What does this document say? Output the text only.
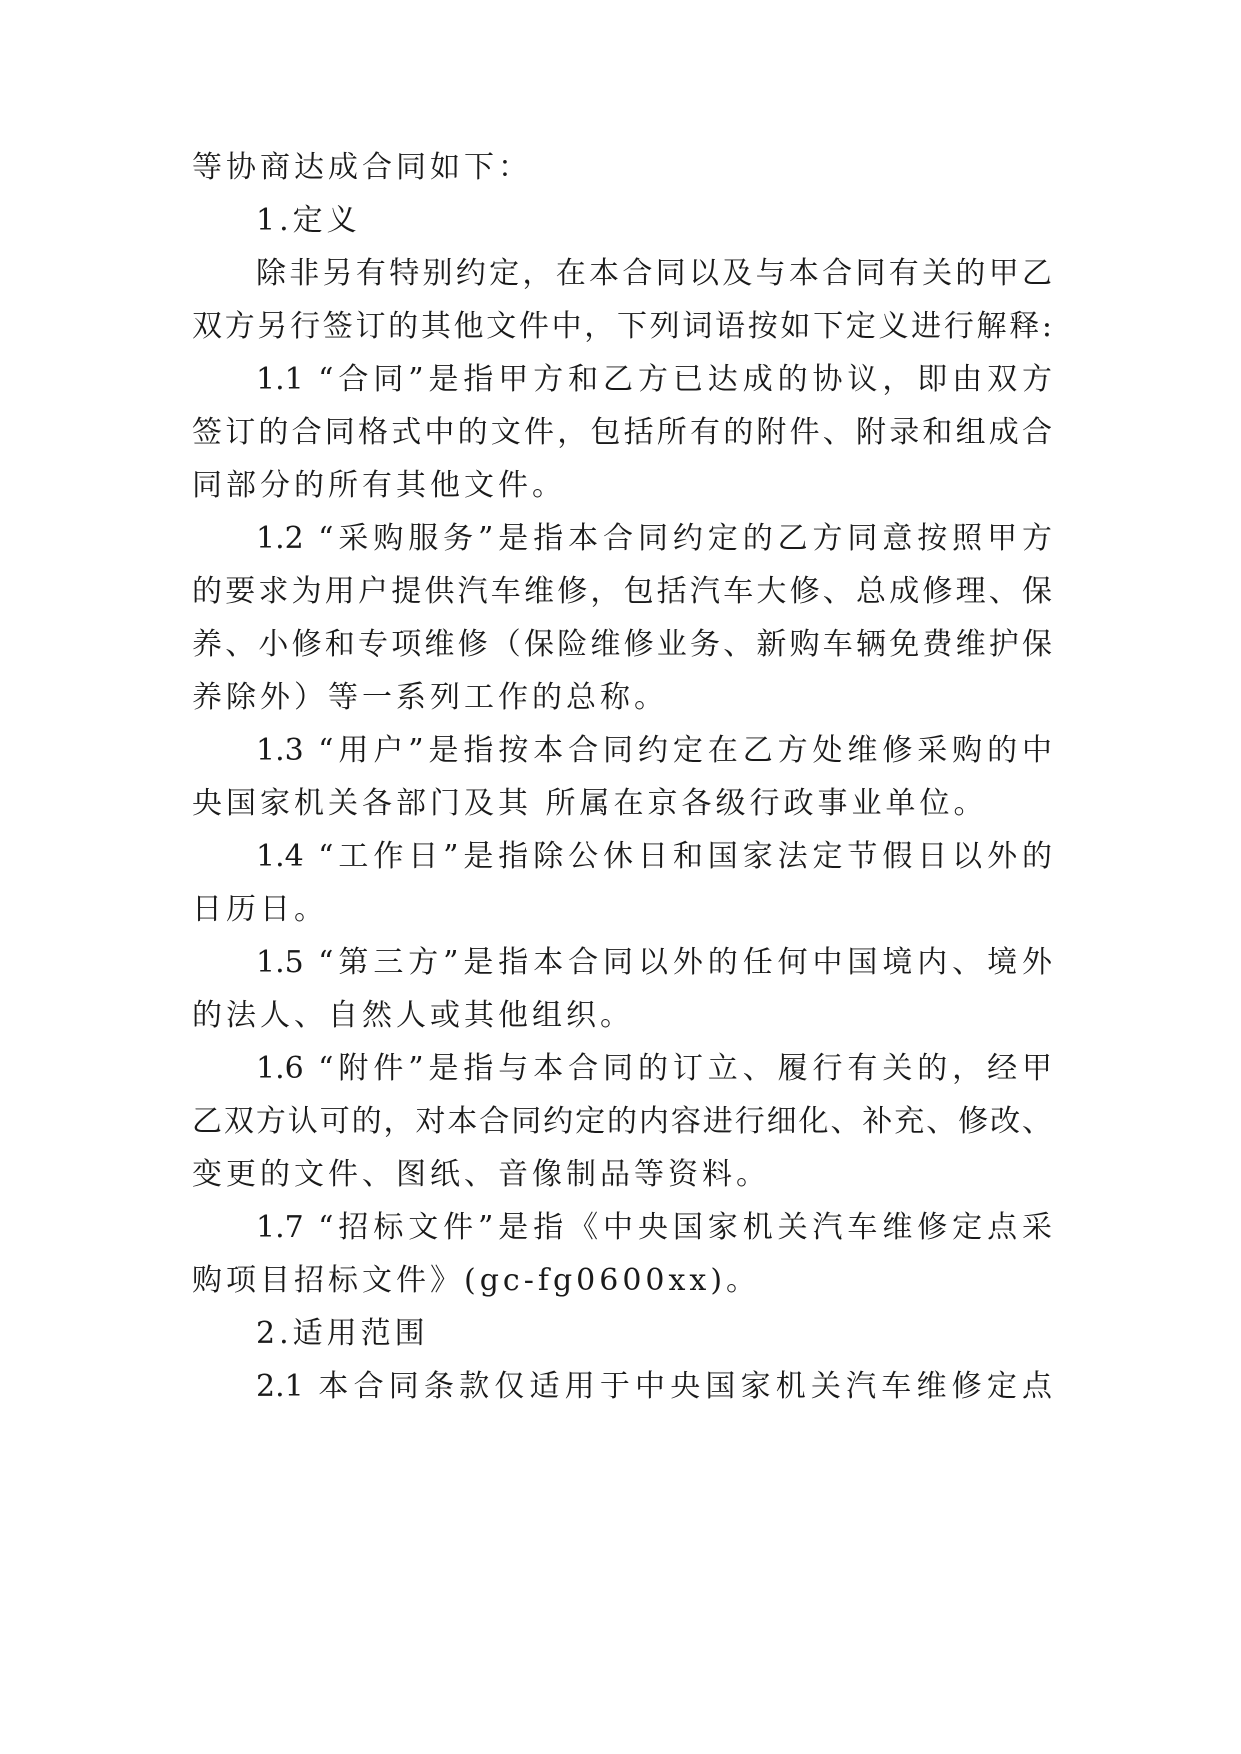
等协商达成合同如下：
1.定义
除非另有特别约定，在本合同以及与本合同有关的甲乙
双方另行签订的其他文件中，下列词语按如下定义进行解释:
1.1 “合同”是指甲方和乙方已达成的协议，即由双方
签订的合同格式中的文件，包括所有的附件、附录和组成合
同部分的所有其他文件。
1.2 “采购服务”是指本合同约定的乙方同意按照甲方
的要求为用户提供汽车维修，包括汽车大修、总成修理、保
养、小修和专项维修（保险维修业务、新购车辆免费维护保
养除外）等一系列工作的总称。
1.3 “用户”是指按本合同约定在乙方处维修采购的中
央国家机关各部门及其 所属在京各级行政事业单位。
1.4 “工作日”是指除公休日和国家法定节假日以外的
日历日。
1.5 “第三方”是指本合同以外的任何中国境内、境外
的法人、自然人或其他组织。
1.6 “附件”是指与本合同的订立、履行有关的，经甲
乙双方认可的，对本合同约定的内容进行细化、补充、修改、
变更的文件、图纸、音像制品等资料。
1.7 “招标文件”是指《中央国家机关汽车维修定点采
购项目招标文件》(gc-fg0600xx)。
2.适用范围
2.1 本合同条款仅适用于中央国家机关汽车维修定点
